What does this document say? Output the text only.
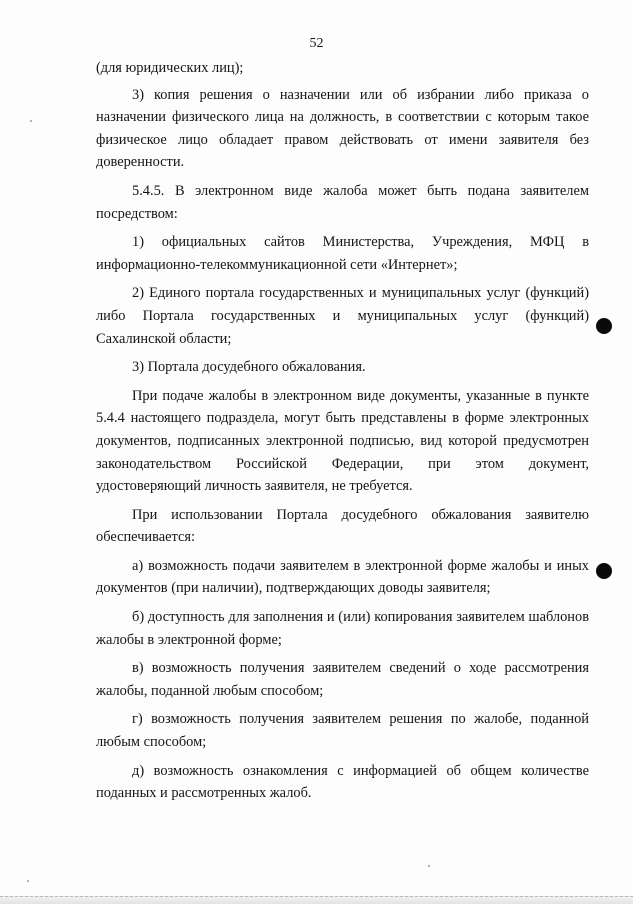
52

(для юридических лиц);

3) копия решения о назначении или об избрании либо приказа о назначении физического лица на должность, в соответствии с которым такое физическое лицо обладает правом действовать от имени заявителя без доверенности.

5.4.5. В электронном виде жалоба может быть подана заявителем посредством:

1) официальных сайтов Министерства, Учреждения, МФЦ в информационно-телекоммуникационной сети «Интернет»;

2) Единого портала государственных и муниципальных услуг (функций) либо Портала государственных и муниципальных услуг (функций) Сахалинской области;

3) Портала досудебного обжалования.

При подаче жалобы в электронном виде документы, указанные в пункте 5.4.4 настоящего подраздела, могут быть представлены в форме электронных документов, подписанных электронной подписью, вид которой предусмотрен законодательством Российской Федерации, при этом документ, удостоверяющий личность заявителя, не требуется.

При использовании Портала досудебного обжалования заявителю обеспечивается:

а) возможность подачи заявителем в электронной форме жалобы и иных документов (при наличии), подтверждающих доводы заявителя;

б) доступность для заполнения и (или) копирования заявителем шаблонов жалобы в электронной форме;

в) возможность получения заявителем сведений о ходе рассмотрения жалобы, поданной любым способом;

г) возможность получения заявителем решения по жалобе, поданной любым способом;

д) возможность ознакомления с информацией об общем количестве поданных и рассмотренных жалоб.
